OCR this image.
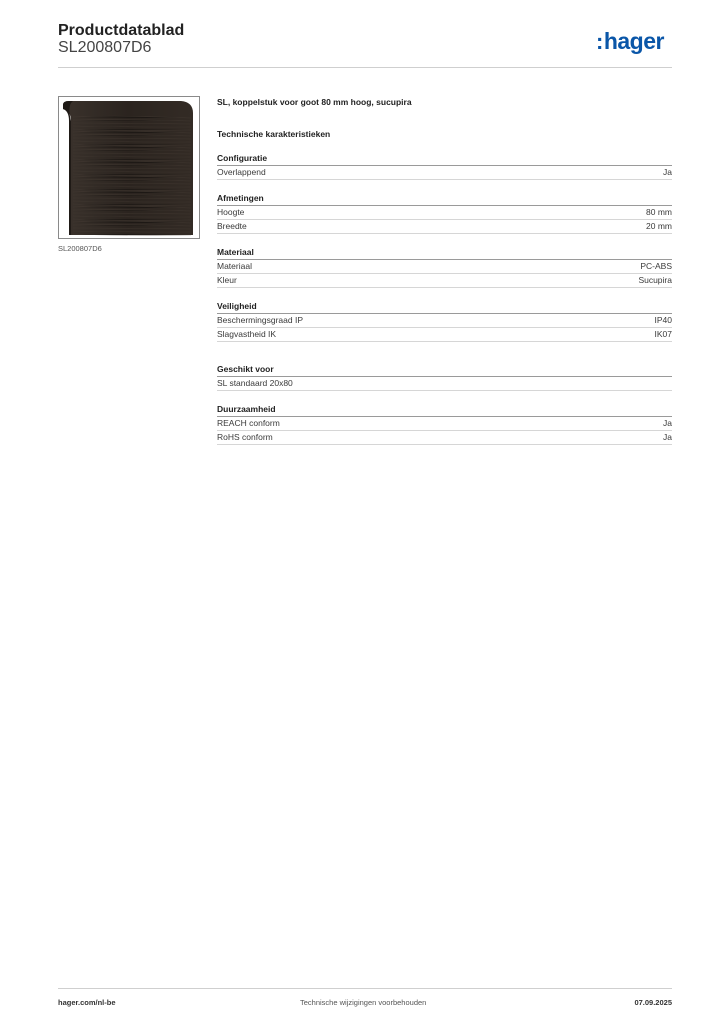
Productdatablad
SL200807D6	:hager
SL200807D6
SL, koppelstuk voor goot 80 mm hoog, sucupira
Technische karakteristieken
Configuratie
Overlappend	Ja
Afmetingen
Hoogte	80 mm
Breedte	20 mm
Materiaal
Materiaal	PC-ABS
Kleur	Sucupira
Veiligheid
Beschermingsgraad IP	IP40
Slagvastheid IK	IK07
Geschikt voor
SL standaard 20x80
Duurzaamheid
REACH conform	Ja
RoHS conform	Ja
hager.com/nl-be	Technische wijzigingen voorbehouden	07.09.2025
